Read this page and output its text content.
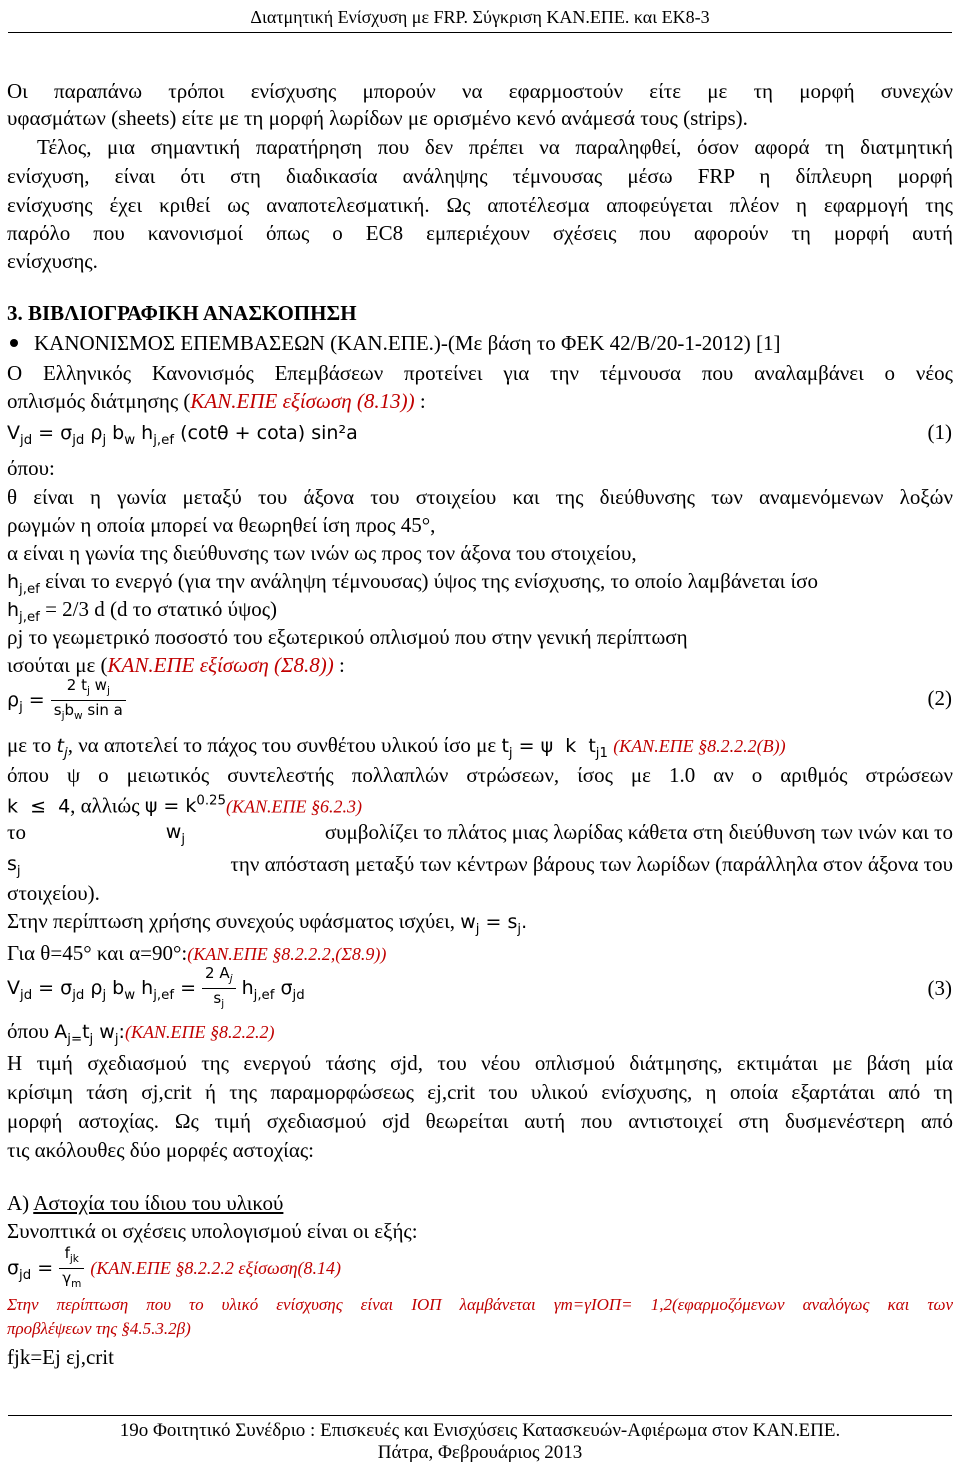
Διατμητική Ενίσχυση με FRP. Σύγκριση ΚΑΝ.ΕΠΕ. και ΕΚ8-3
Οι παραπάνω τρόποι ενίσχυσης μπορούν να εφαρμοστούν είτε με τη μορφή συνεχών
υφασμάτων (sheets) είτε με τη μορφή λωρίδων με ορισμένο κενό ανάμεσά τους (strips).
Τέλος, μια σημαντική παρατήρηση που δεν πρέπει να παραληφθεί, όσον αφορά τη διατμητική
ενίσχυση, είναι ότι στη διαδικασία ανάληψης τέμνουσας μέσω FRP η δίπλευρη μορφή
ενίσχυσης έχει κριθεί ως αναποτελεσματική. Ως αποτέλεσμα αποφεύγεται πλέον η εφαρμογή της
παρόλο που κανονισμοί όπως ο EC8 εμπεριέχουν σχέσεις που αφορούν τη μορφή αυτή
ενίσχυσης.
3. ΒΙΒΛΙΟΓΡΑΦΙΚΗ ΑΝΑΣΚΟΠΗΣΗ
ΚΑΝΟΝΙΣΜΟΣ ΕΠΕΜΒΑΣΕΩΝ (ΚΑΝ.ΕΠΕ.)-(Με βάση το ΦΕΚ 42/Β/20-1-2012) [1]
Ο Ελληνικός Κανονισμός Επεμβάσεων προτείνει για την τέμνουσα που αναλαμβάνει ο νέος
οπλισμός διάτμησης (ΚΑΝ.ΕΠΕ εξίσωση (8.13)) :
$V_{jd} = \sigma_{jd}$ $\rho_j$ $b_w$ $h_{j,ef}$ (cotθ + cota) sin²a	(1)
όπου:
θ είναι η γωνία μεταξύ του άξονα του στοιχείου και της διεύθυνσης των αναμενόμενων λοξών
ρωγμών η οποία μπορεί να θεωρηθεί ίση προς 45°,
α είναι η γωνία της διεύθυνσης των ινών ως προς τον άξονα του στοιχείου,
$h_{j,ef}$ είναι το ενεργό (για την ανάληψη τέμνουσας) ύψος της ενίσχυσης, το οποίο λαμβάνεται ίσο
$h_{j,ef} = 2/3$ d (d το στατικό ύψος)
ρj το γεωμετρικό ποσοστό του εξωτερικού οπλισμού που στην γενική περίπτωση
ισούται με (ΚΑΝ.ΕΠΕ εξίσωση (Σ8.8)) :
$\rho_j = \frac{2 t_j w_j}{s_jb_w \sin a}$	(2)
με το $t_j$, να αποτελεί το πάχος του συνθέτου υλικού ίσο με $t_j = \psi$  k  $t_{j1}$ (ΚΑΝ.ΕΠΕ §8.2.2.2(Β))
όπου ψ ο μειωτικός συντελεστής πολλαπλών στρώσεων, ίσος με 1.0 αν ο αριθμός στρώσεων
k  ≤  4, αλλιώς $\psi = k^{0.25}(KAN.E\Pi E$ §6.2.3)
το	$w_j$	συμβολίζει το πλάτος μιας λωρίδας κάθετα στη διεύθυνση των ινών και το
$s_j$	την απόσταση μεταξύ των κέντρων βάρους των λωρίδων (παράλληλα στον άξονα του
στοιχείου).
Στην περίπτωση χρήσης συνεχούς υφάσματος ισχύει, $w_j = s_j$.
Για θ=45° και α=90°:(ΚΑΝ.ΕΠΕ §8.2.2.2,(Σ8.9))
$V_{jd} = \sigma_{jd}$ $\rho_j$ $b_w$ $h_{j,ef} = \frac{2 A_j}{s_j} h_{j,ef}$ $\sigma_{jd}$	(3)
όπου $A_{j=}t_j$ $w_j:(KAN.E\Pi E$ §8.2.2.2)
Η τιμή σχεδιασμού της ενεργού τάσης σjd, του νέου οπλισμού διάτμησης, εκτιμάται με βάση μία
κρίσιμη τάση σj,crit ή της παραμορφώσεως εj,crit του υλικού ενίσχυσης, η οποία εξαρτάται από τη
μορφή αστοχίας. Ως τιμή σχεδιασμού σjd θεωρείται αυτή που αντιστοιχεί στη δυσμενέστερη από
τις ακόλουθες δύο μορφές αστοχίας:
Α) Αστοχία του ίδιου του υλικού
Συνοπτικά οι σχέσεις υπολογισμού είναι οι εξής:
$\sigma_{jd} = \frac{f_{jk}}{\gamma_m} (KAN.E\Pi E$ §8.2.2.2 εξίσωση(8.14)
Στην περίπτωση που το υλικό ενίσχυσης είναι ΙΟΠ λαμβάνεται γm=γΙΟΠ= 1,2(εφαρμοζόμενων αναλόγως και των
προβλέψεων της §4.5.3.2β)
fjk=Ej εj,crit
19ο Φοιτητικό Συνέδριο : Επισκευές και Ενισχύσεις Κατασκευών-Αφιέρωμα στον ΚΑΝ.ΕΠΕ.
Πάτρα, Φεβρουάριος 2013
